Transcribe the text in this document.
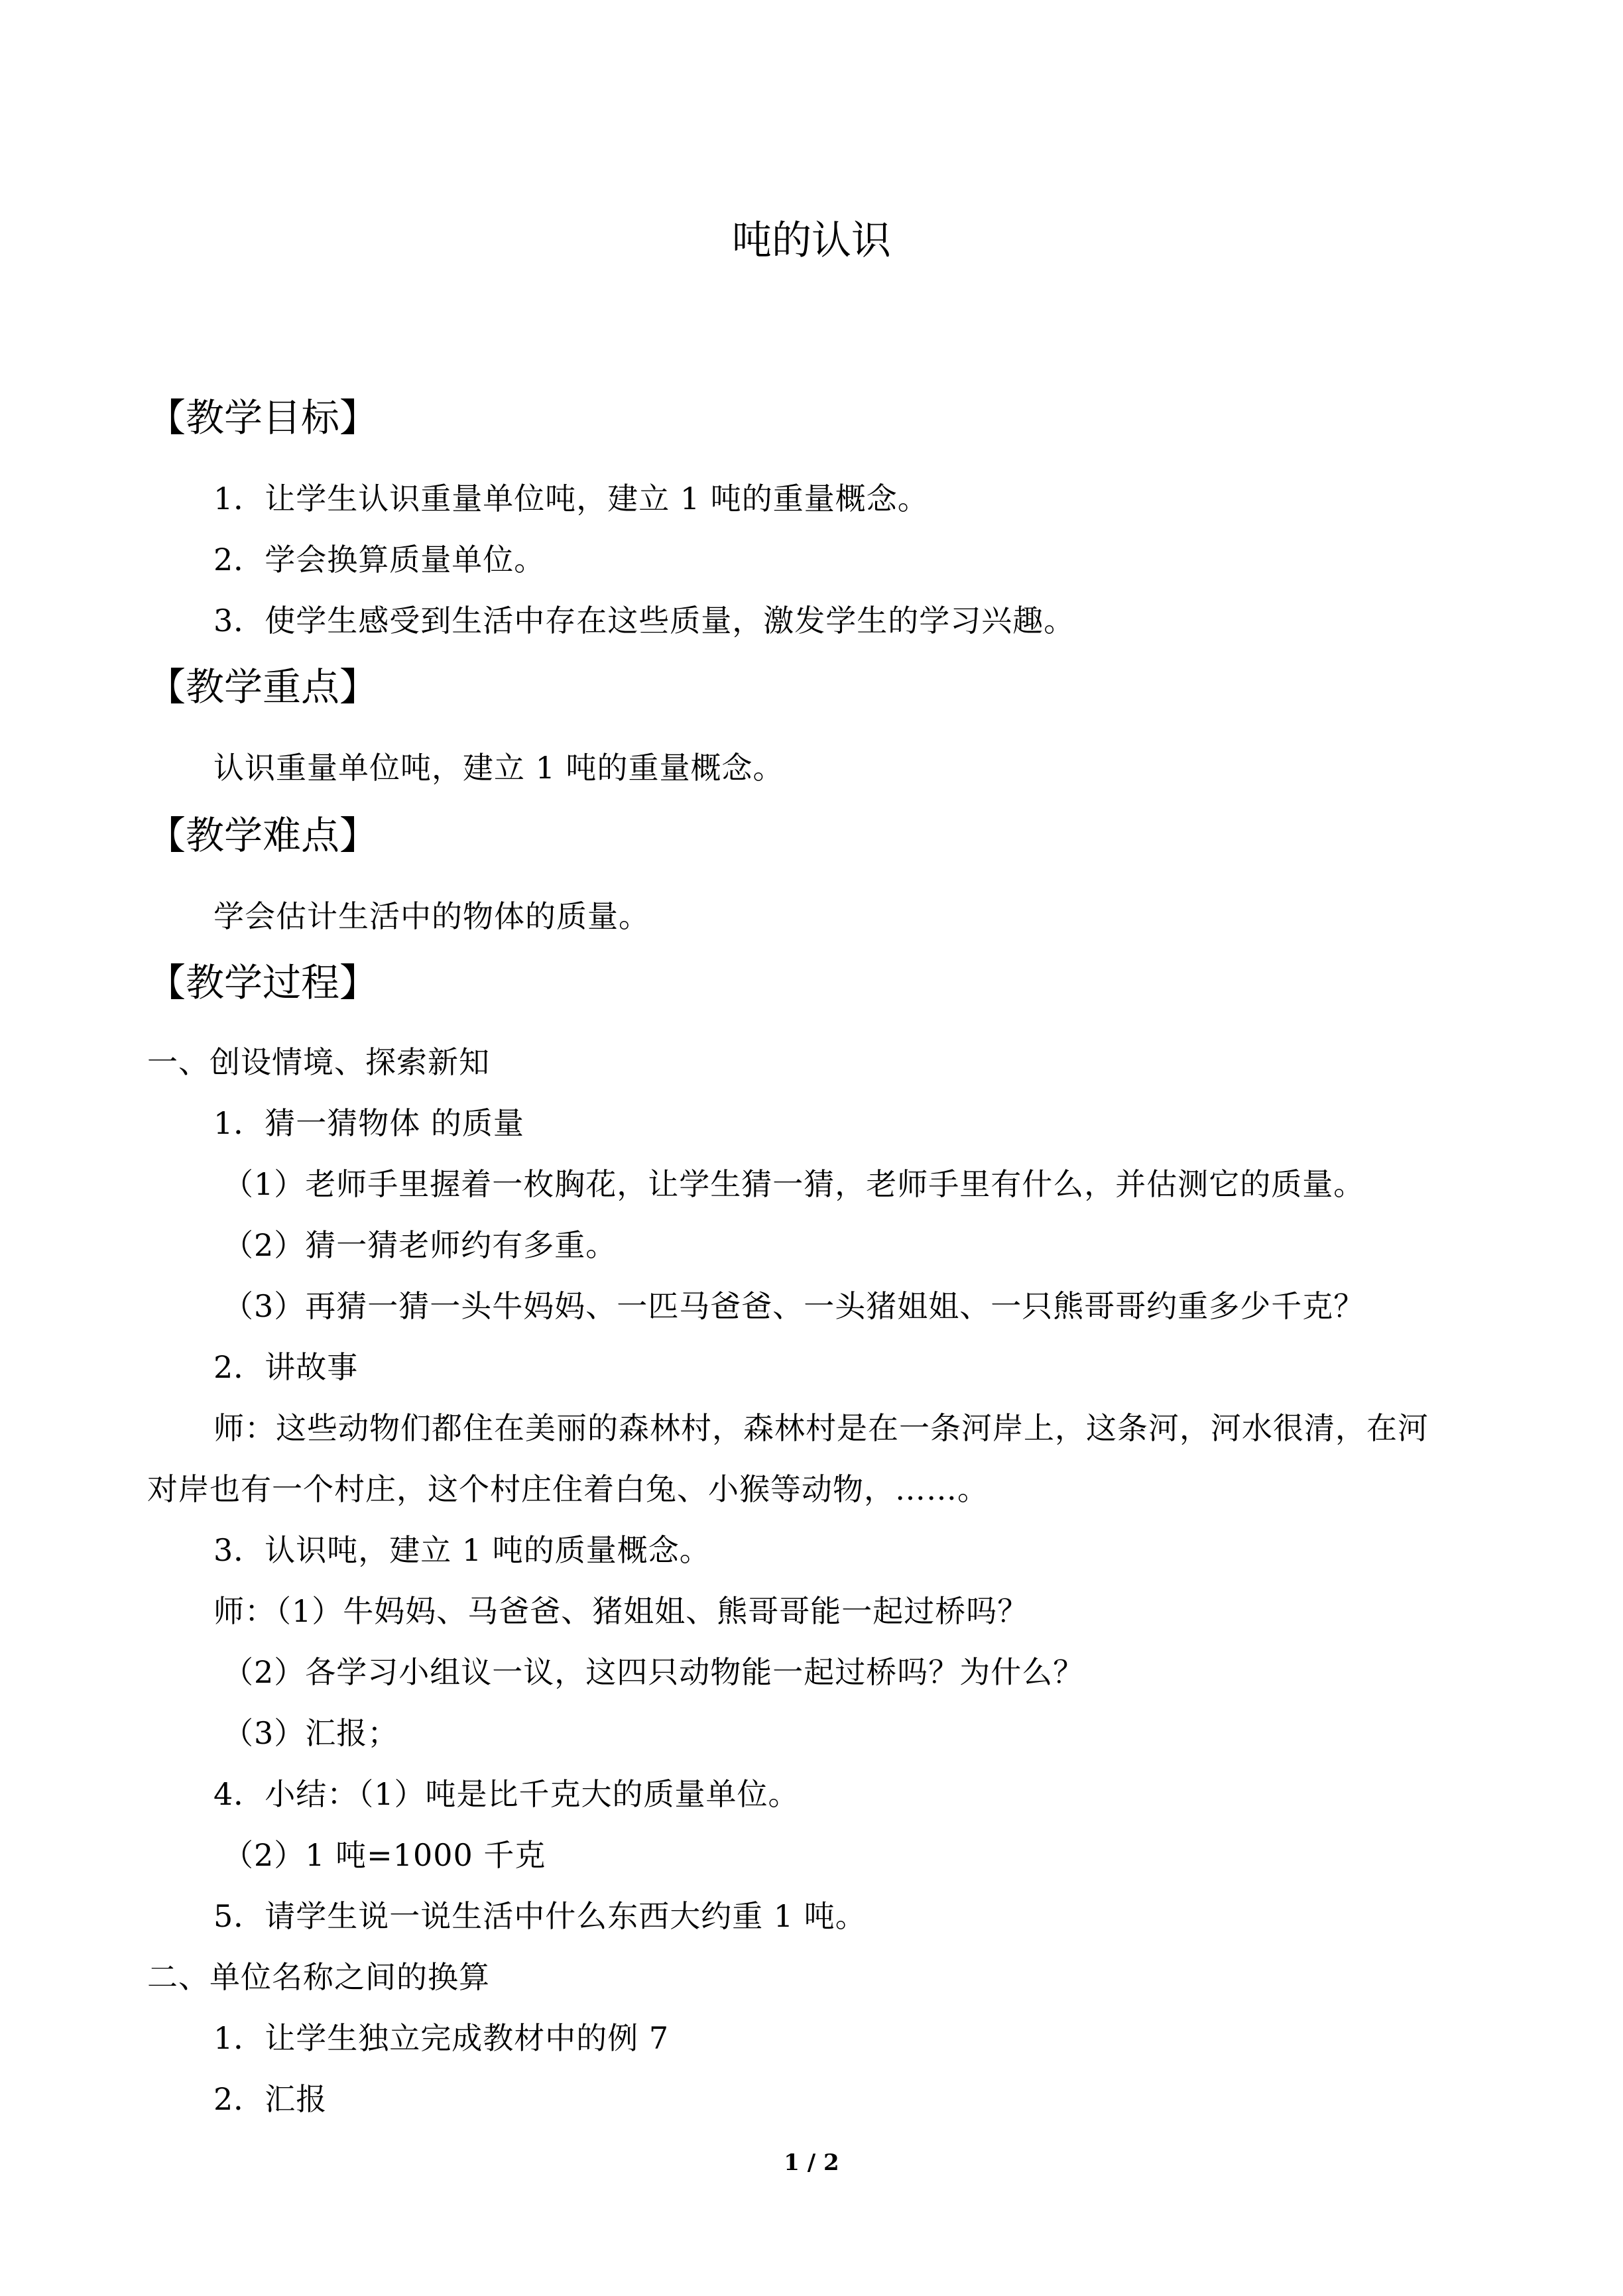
吨的认识
【教学目标】
1．让学生认识重量单位吨，建立 1 吨的重量概念。
2．学会换算质量单位。
3．使学生感受到生活中存在这些质量，激发学生的学习兴趣。
【教学重点】
认识重量单位吨，建立 1 吨的重量概念。
【教学难点】
学会估计生活中的物体的质量。
【教学过程】
一、创设情境、探索新知
1．猜一猜物体 的质量
（1）老师手里握着一枚胸花，让学生猜一猜，老师手里有什么，并估测它的质量。
（2）猜一猜老师约有多重。
（3）再猜一猜一头牛妈妈、一匹马爸爸、一头猪姐姐、一只熊哥哥约重多少千克？
2．讲故事
师：这些动物们都住在美丽的森林村，森林村是在一条河岸上，这条河，河水很清，在河
对岸也有一个村庄，这个村庄住着白兔、小猴等动物，……。
3．认识吨，建立 1 吨的质量概念。
师：（1）牛妈妈、马爸爸、猪姐姐、熊哥哥能一起过桥吗？
（2）各学习小组议一议，这四只动物能一起过桥吗？为什么？
（3）汇报；
4．小结：（1）吨是比千克大的质量单位。
（2）1 吨=1000 千克
5．请学生说一说生活中什么东西大约重 1 吨。
二、单位名称之间的换算
1．让学生独立完成教材中的例 7
2．汇报
1 / 2
